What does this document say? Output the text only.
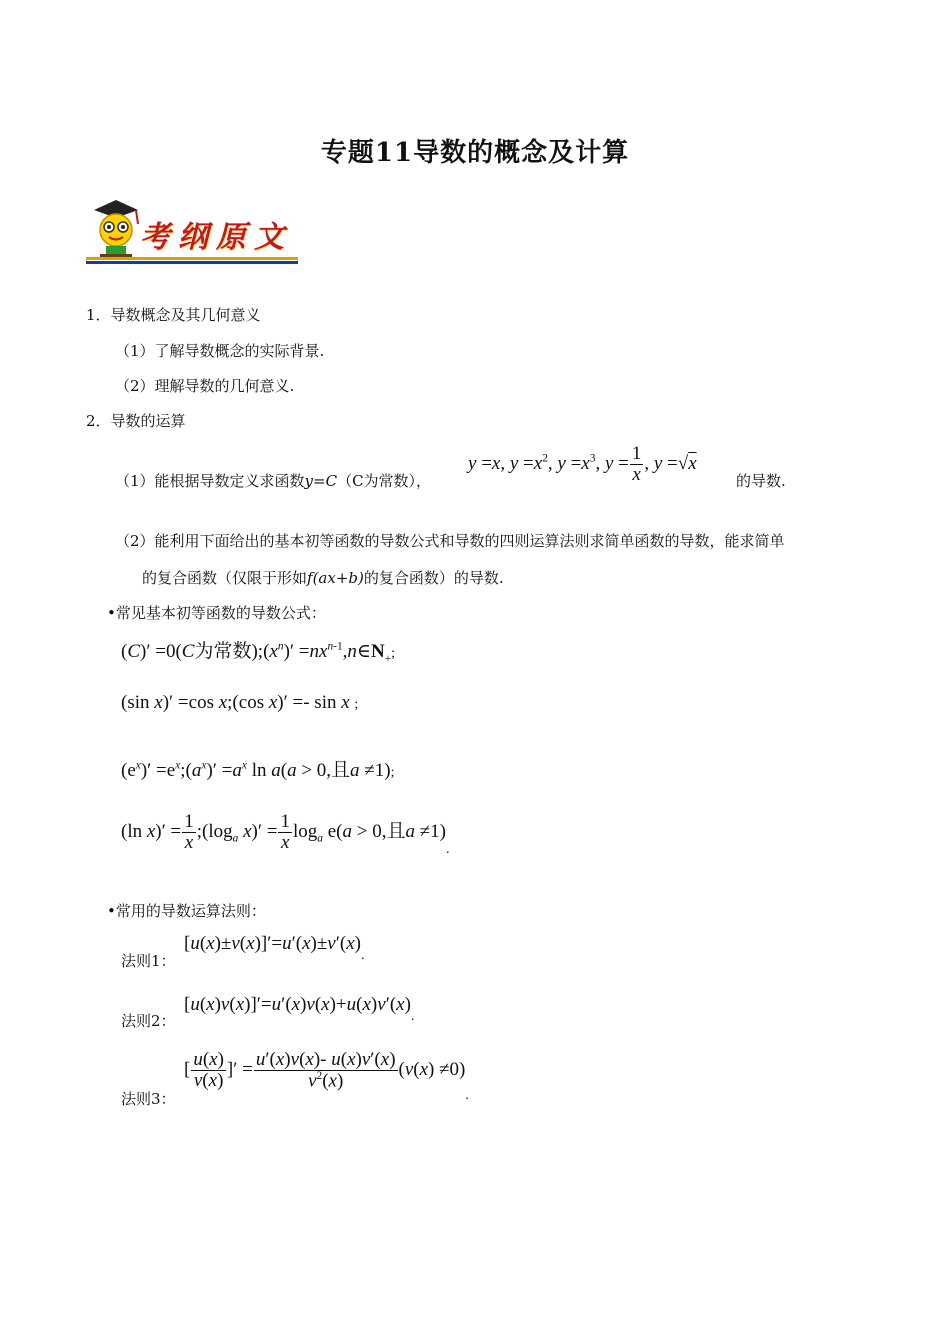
专题11导数的概念及计算
考纲原文
1．导数概念及其几何意义
（1）了解导数概念的实际背景.
（2）理解导数的几何意义.
2．导数的运算
（1）能根据导数定义求函数y=C（C为常数），
y =x, $y =x^2$, $y =x^3$, $y = \frac{1}{x}$ , y =√x
的导数.
（2）能利用下面给出的基本初等函数的导数公式和导数的四则运算法则求简单函数的导数，能求简单
的复合函数（仅限于形如f(ax+b)的复合函数）的导数.
•常见基本初等函数的导数公式：
(C)′ =0(C为常数)$;(x^n)'$ $=nx^{n-1},n\in N_+$;
(sin x)′ =cos x;(cos x)′ =- sin x ;
$(e^x)'$ $=e^x;(a^x)' =a^x$ ln a(a > 0,且a ≠1);
(ln $x)' = \frac{1}{x}$ $;(\log_a$ $x)' = \frac{1}{x} \log_a e(a > 0$,且$a \ne 1)_.$
•常用的导数运算法则：
法则1：
$[u(x)\pm v(x)]'=u'(x)\pm v'(x)_.$
法则2：
$[u(x)v(x)]'=u'(x)v(x)+u(x)v'(x)_.$
法则3：
[ $\frac{u(x)}{v(x)}$ ]′ = $\frac{u'(x)v(x)- u(x)v'(x)}{v^2(x)} (v(x) \ne 0)_.$
